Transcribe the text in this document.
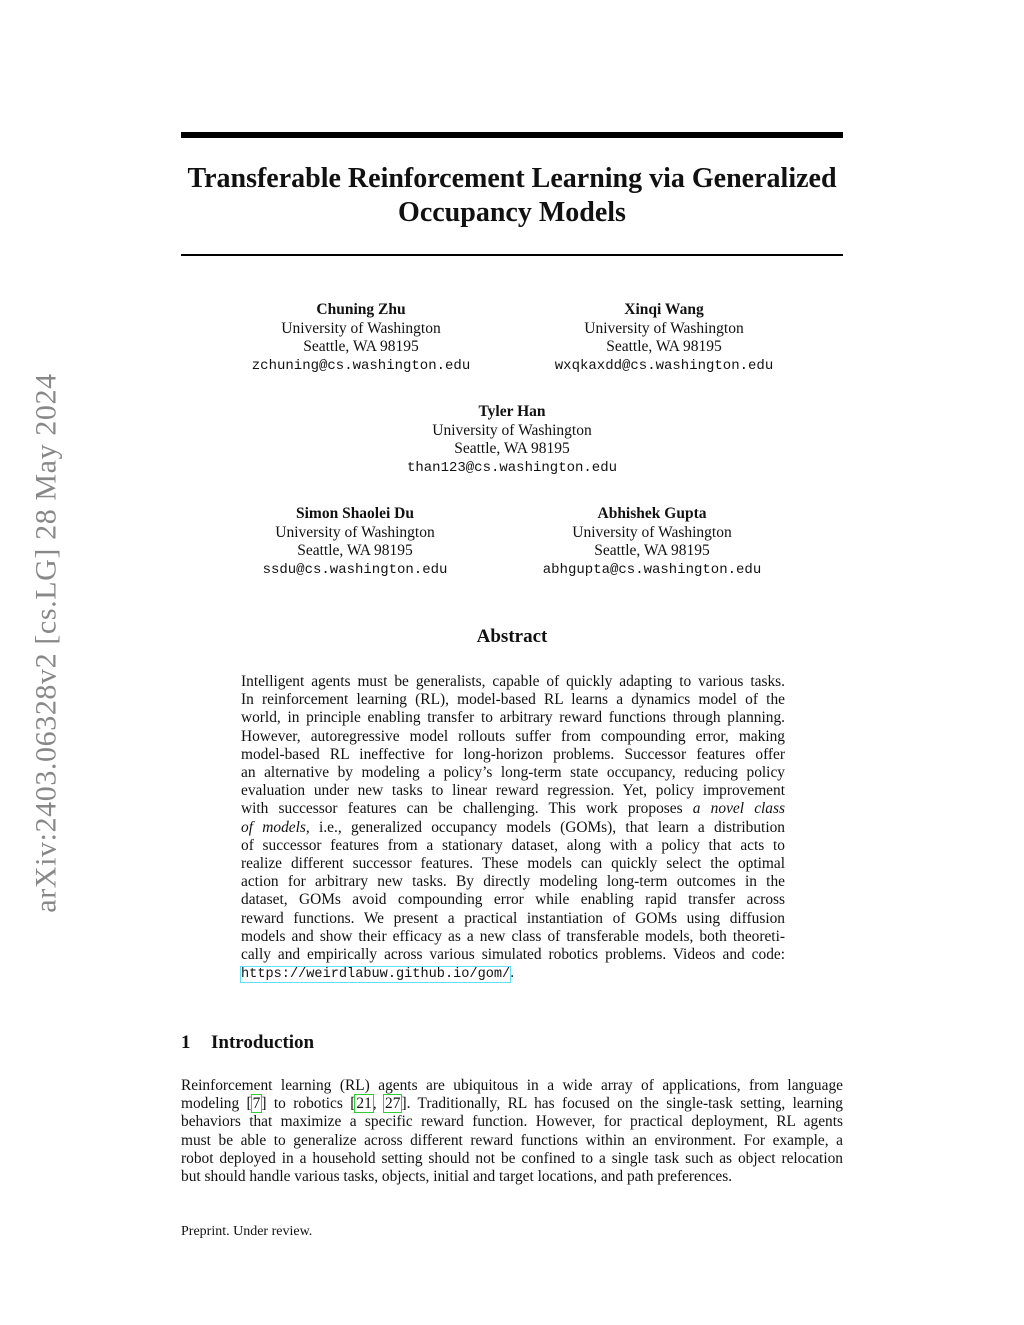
arXiv:2403.06328v2 [cs.LG] 28 May 2024
Transferable Reinforcement Learning via Generalized
Occupancy Models
Chuning Zhu
University of Washington
Seattle, WA 98195
zchuning@cs.washington.edu
Xinqi Wang
University of Washington
Seattle, WA 98195
wxqkaxdd@cs.washington.edu
Tyler Han
University of Washington
Seattle, WA 98195
than123@cs.washington.edu
Simon Shaolei Du
University of Washington
Seattle, WA 98195
ssdu@cs.washington.edu
Abhishek Gupta
University of Washington
Seattle, WA 98195
abhgupta@cs.washington.edu
Abstract
Intelligent agents must be generalists, capable of quickly adapting to various tasks.
In reinforcement learning (RL), model-based RL learns a dynamics model of the
world, in principle enabling transfer to arbitrary reward functions through planning.
However, autoregressive model rollouts suffer from compounding error, making
model-based RL ineffective for long-horizon problems. Successor features offer
an alternative by modeling a policy’s long-term state occupancy, reducing policy
evaluation under new tasks to linear reward regression. Yet, policy improvement
with successor features can be challenging. This work proposes a novel class
of models, i.e., generalized occupancy models (GOMs), that learn a distribution
of successor features from a stationary dataset, along with a policy that acts to
realize different successor features. These models can quickly select the optimal
action for arbitrary new tasks. By directly modeling long-term outcomes in the
dataset, GOMs avoid compounding error while enabling rapid transfer across
reward functions. We present a practical instantiation of GOMs using diffusion
models and show their efficacy as a new class of transferable models, both theoreti-
cally and empirically across various simulated robotics problems. Videos and code:
https://weirdlabuw.github.io/gom/.
1 Introduction
Reinforcement learning (RL) agents are ubiquitous in a wide array of applications, from language
modeling [7] to robotics [21, 27]. Traditionally, RL has focused on the single-task setting, learning
behaviors that maximize a specific reward function. However, for practical deployment, RL agents
must be able to generalize across different reward functions within an environment. For example, a
robot deployed in a household setting should not be confined to a single task such as object relocation
but should handle various tasks, objects, initial and target locations, and path preferences.
Preprint. Under review.
